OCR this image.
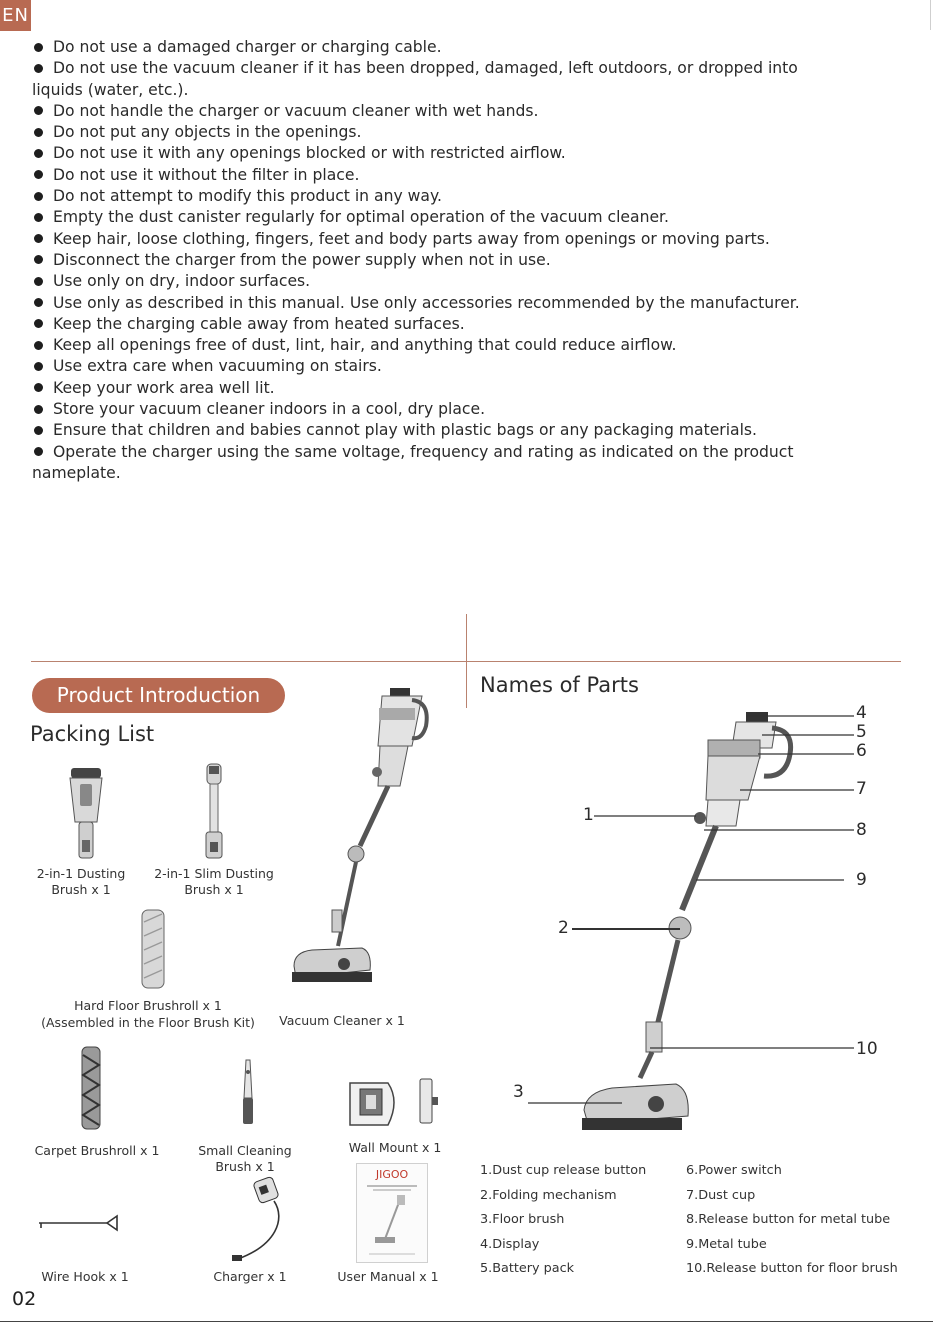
EN
Do not use a damaged charger or charging cable.
Do not use the vacuum cleaner if it has been dropped, damaged, left outdoors, or dropped into liquids (water, etc.).
Do not handle the charger or vacuum cleaner with wet hands.
Do not put any objects in the openings.
Do not use it with any openings blocked or with restricted airflow.
Do not use it without the filter in place.
Do not attempt to modify this product in any way.
Empty the dust canister regularly for optimal operation of the vacuum cleaner.
Keep hair, loose clothing, fingers, feet and body parts away from openings or moving parts.
Disconnect the charger from the power supply when not in use.
Use only on dry, indoor surfaces.
Use only as described in this manual. Use only accessories recommended by the manufacturer.
Keep the charging cable away from heated surfaces.
Keep all openings free of dust, lint, hair, and anything that could reduce airflow.
Use extra care when vacuuming on stairs.
Keep your work area well lit.
Store your vacuum cleaner indoors in a cool, dry place.
Ensure that children and babies cannot play with plastic bags or any packaging materials.
Operate the charger using the same voltage, frequency and rating as indicated on the product nameplate.
Product Introduction
Packing List
2-in-1 Dusting Brush x 1
2-in-1 Slim Dusting Brush x 1
Hard Floor Brushroll x 1
(Assembled in the Floor Brush Kit)	Vacuum Cleaner x 1
Carpet Brushroll x 1	Small Cleaning Brush x 1
Wall Mount x 1
Wire Hook x 1	Charger x 1
JIGOO
User Manual x 1
Names of Parts
1
2
3
4
5
6
7
8
9
10
1.Dust cup release button
2.Folding mechanism
3.Floor brush
4.Display
5.Battery pack
6.Power switch
7.Dust cup
8.Release button for metal tube
9.Metal tube
10.Release button for floor brush
02
